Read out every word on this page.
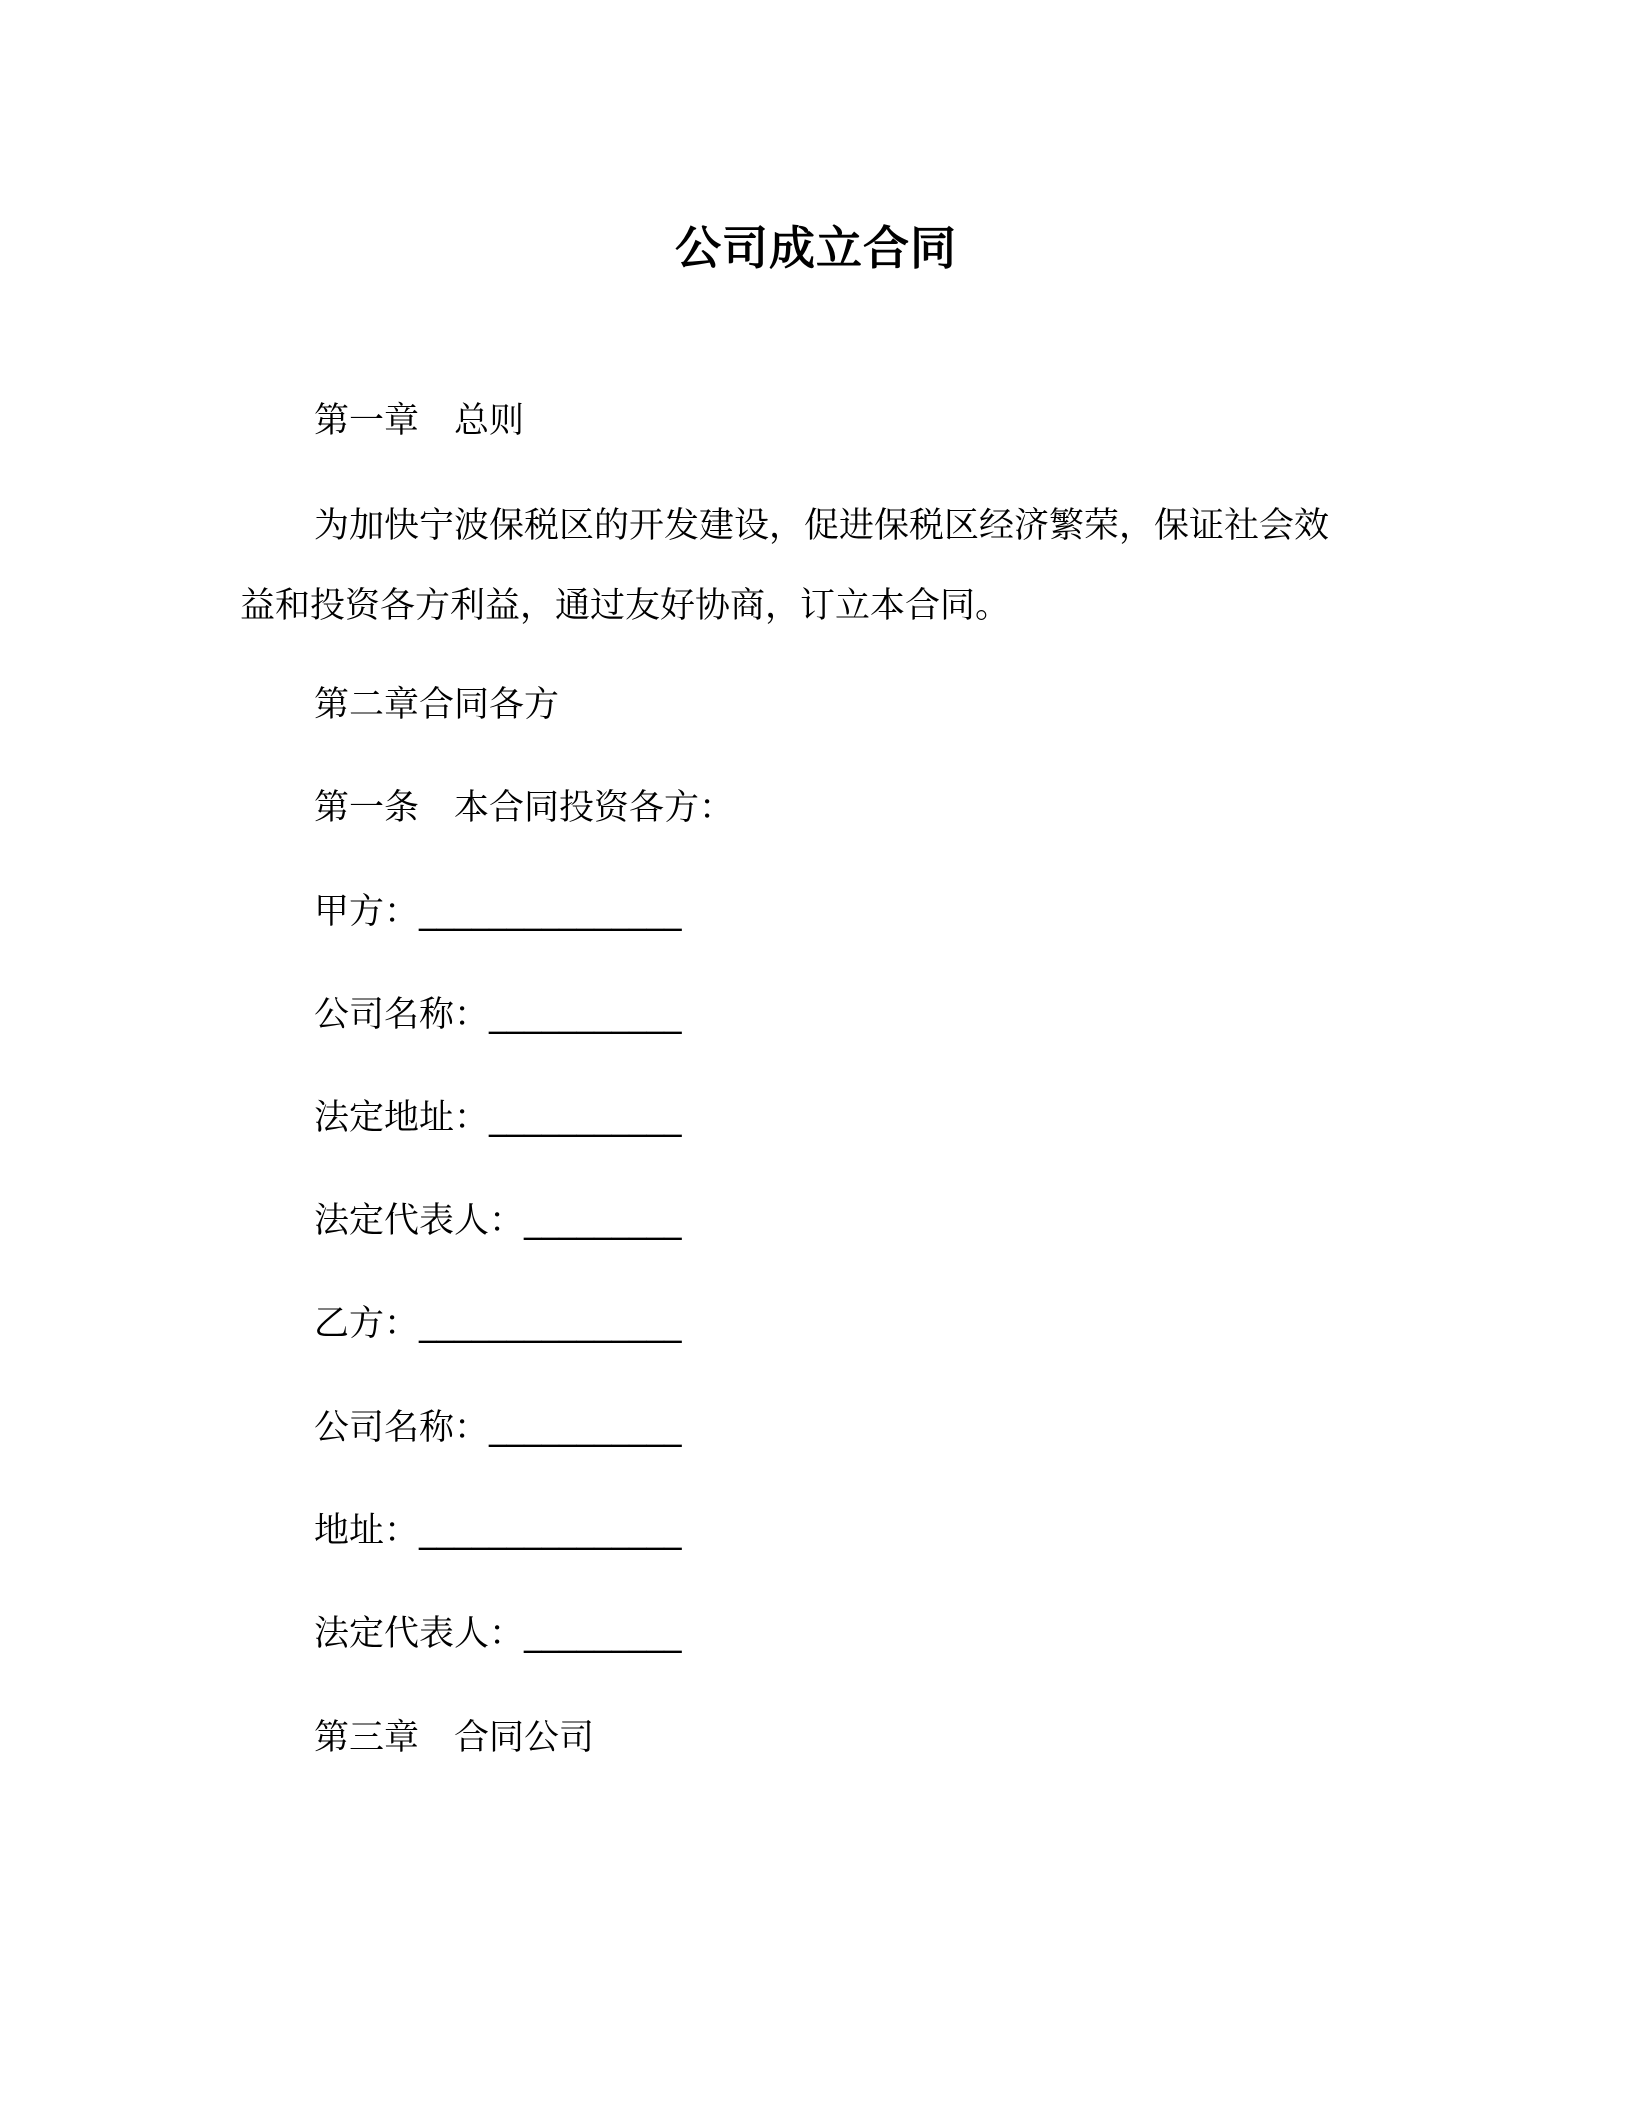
公司成立合同
第一章　总则
为加快宁波保税区的开发建设，促进保税区经济繁荣，保证社会效益和投资各方利益，通过友好协商，订立本合同。
第二章合同各方
第一条　本合同投资各方：
甲方：_______________
公司名称：___________
法定地址：___________
法定代表人：_________
乙方：_______________
公司名称：___________
地址：_______________
法定代表人：_________
第三章　合同公司
